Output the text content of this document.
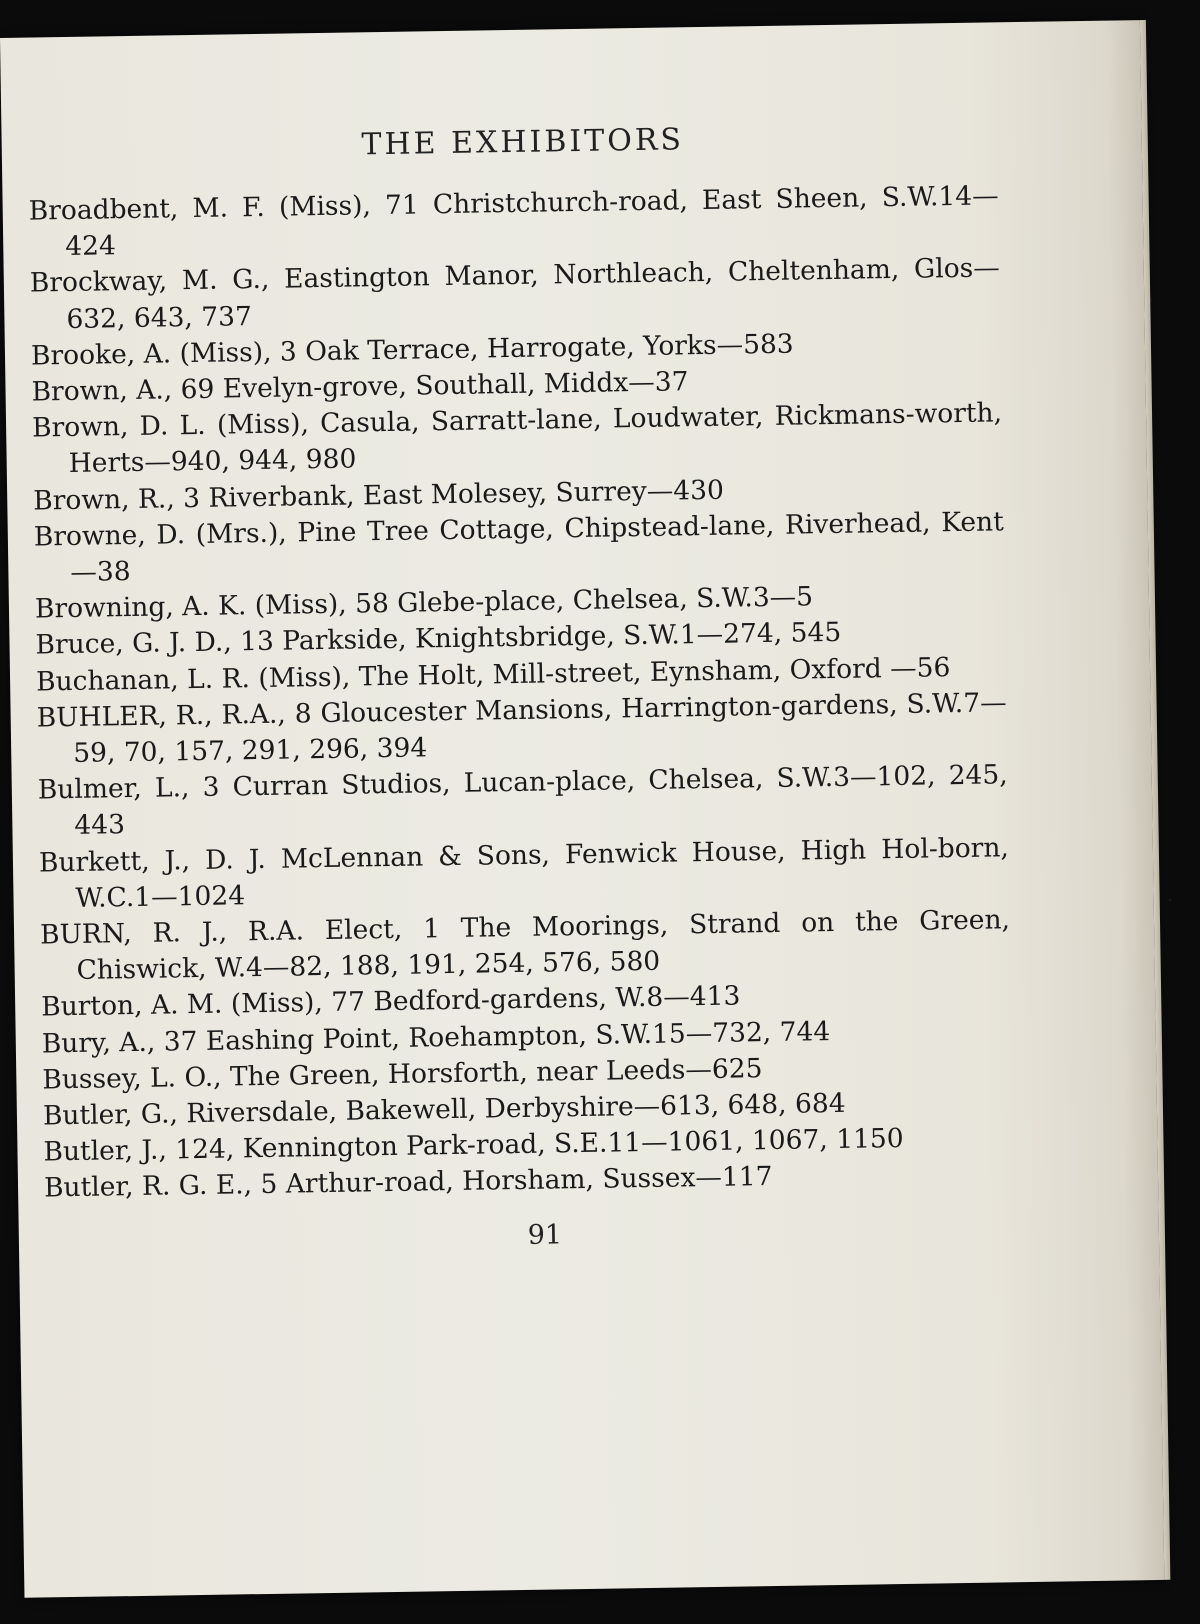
THE EXHIBITORS
Broadbent, M. F. (Miss), 71 Christchurch-road, East Sheen, S.W.14—424
Brockway, M. G., Eastington Manor, Northleach, Cheltenham, Glos—632, 643, 737
Brooke, A. (Miss), 3 Oak Terrace, Harrogate, Yorks—583
Brown, A., 69 Evelyn-grove, Southall, Middx—37
Brown, D. L. (Miss), Casula, Sarratt-lane, Loudwater, Rickmans-worth, Herts—940, 944, 980
Brown, R., 3 Riverbank, East Molesey, Surrey—430
Browne, D. (Mrs.), Pine Tree Cottage, Chipstead-lane, Riverhead, Kent—38
Browning, A. K. (Miss), 58 Glebe-place, Chelsea, S.W.3—5
Bruce, G. J. D., 13 Parkside, Knightsbridge, S.W.1—274, 545
Buchanan, L. R. (Miss), The Holt, Mill-street, Eynsham, Oxford —56
BUHLER, R., R.A., 8 Gloucester Mansions, Harrington-gardens, S.W.7—59, 70, 157, 291, 296, 394
Bulmer, L., 3 Curran Studios, Lucan-place, Chelsea, S.W.3—102, 245, 443
Burkett, J., D. J. McLennan & Sons, Fenwick House, High Hol-born, W.C.1—1024
BURN, R. J., R.A. Elect, 1 The Moorings, Strand on the Green, Chiswick, W.4—82, 188, 191, 254, 576, 580
Burton, A. M. (Miss), 77 Bedford-gardens, W.8—413
Bury, A., 37 Eashing Point, Roehampton, S.W.15—732, 744
Bussey, L. O., The Green, Horsforth, near Leeds—625
Butler, G., Riversdale, Bakewell, Derbyshire—613, 648, 684
Butler, J., 124, Kennington Park-road, S.E.11—1061, 1067, 1150
Butler, R. G. E., 5 Arthur-road, Horsham, Sussex—117
91
